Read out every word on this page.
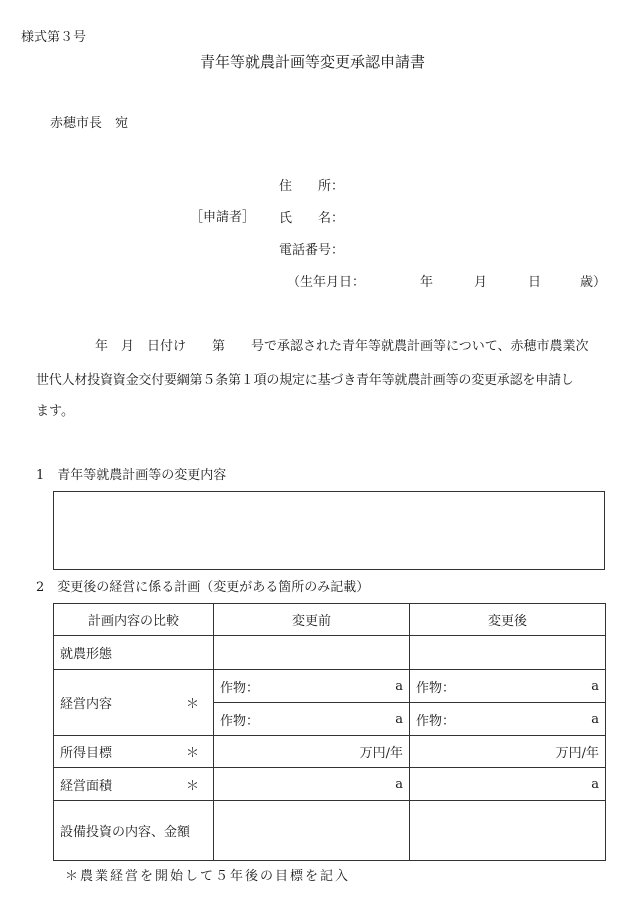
様式第３号
青年等就農計画等変更承認申請書
赤穂市長　宛
住　　所：
［申請者］ 氏　　名：
電話番号：
（生年月日：	年	月	日	歳）
年　月　日付け　　第　　号で承認された青年等就農計画等について、赤穂市農業次
世代人材投資資金交付要綱第５条第１項の規定に基づき青年等就農計画等の変更承認を申請し
ます。
1　青年等就農計画等の変更内容
2　変更後の経営に係る計画（変更がある箇所のみ記載）
計画内容の比較	変更前	変更後
就農形態		
経営内容 ＊	作物： a	作物： a

	作物： a	作物： a

所得目標 ＊	万円/年	万円/年
経営面積 ＊	a	a
設備投資の内容、金額		
＊農業経営を開始して５年後の目標を記入
